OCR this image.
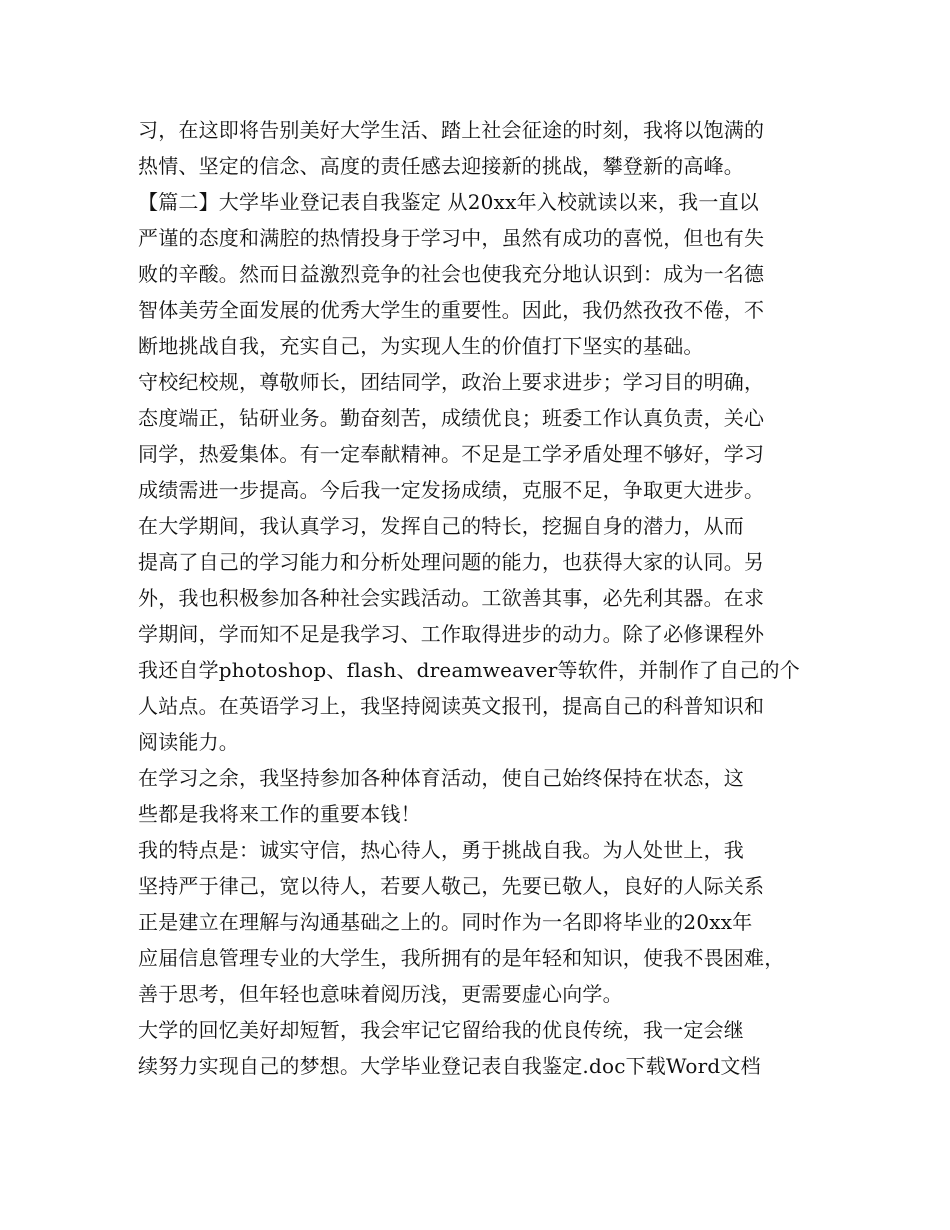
习，在这即将告别美好大学生活、踏上社会征途的时刻，我将以饱满的
热情、坚定的信念、高度的责任感去迎接新的挑战，攀登新的高峰。
【篇二】大学毕业登记表自我鉴定 从20xx年入校就读以来，我一直以
严谨的态度和满腔的热情投身于学习中，虽然有成功的喜悦，但也有失
败的辛酸。然而日益激烈竞争的社会也使我充分地认识到：成为一名德
智体美劳全面发展的优秀大学生的重要性。因此，我仍然孜孜不倦，不
断地挑战自我，充实自己，为实现人生的价值打下坚实的基础。
守校纪校规，尊敬师长，团结同学，政治上要求进步；学习目的明确，
态度端正，钻研业务。勤奋刻苦，成绩优良；班委工作认真负责，关心
同学，热爱集体。有一定奉献精神。不足是工学矛盾处理不够好，学习
成绩需进一步提高。今后我一定发扬成绩，克服不足，争取更大进步。
在大学期间，我认真学习，发挥自己的特长，挖掘自身的潜力，从而
提高了自己的学习能力和分析处理问题的能力，也获得大家的认同。另
外，我也积极参加各种社会实践活动。工欲善其事，必先利其器。在求
学期间，学而知不足是我学习、工作取得进步的动力。除了必修课程外
我还自学photoshop、flash、dreamweaver等软件，并制作了自己的个
人站点。在英语学习上，我坚持阅读英文报刊，提高自己的科普知识和
阅读能力。
在学习之余，我坚持参加各种体育活动，使自己始终保持在状态，这
些都是我将来工作的重要本钱！
我的特点是：诚实守信，热心待人，勇于挑战自我。为人处世上，我
坚持严于律己，宽以待人，若要人敬己，先要已敬人，良好的人际关系
正是建立在理解与沟通基础之上的。同时作为一名即将毕业的20xx年
应届信息管理专业的大学生，我所拥有的是年轻和知识，使我不畏困难，
善于思考，但年轻也意味着阅历浅，更需要虚心向学。
大学的回忆美好却短暂，我会牢记它留给我的优良传统，我一定会继
续努力实现自己的梦想。大学毕业登记表自我鉴定.doc下载Word文档
